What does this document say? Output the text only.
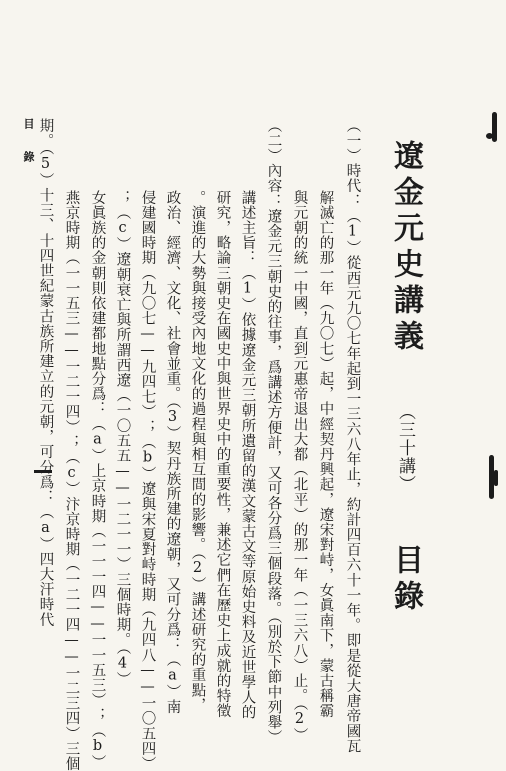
遼金元史講義 （三十講） 目錄
（一）時代：（1）從西元九〇七年起到一三六八年止，約計四百六十一年。即是從大唐帝國瓦
解滅亡的那一年（九〇七）起，中經契丹興起，遼宋對峙，女眞南下，蒙古稱霸
與元朝的統一中國，直到元惠帝退出大都（北平）的那一年（一三六八）止。（2）
（二）內容：遼金元三朝史的往事，爲講述方便計，又可各分爲三個段落。（別於下節中列舉）
講述主旨：（1）依據遼金元三朝所遺留的漢文蒙古文等原始史料及近世學人的
研究，略論三朝史在國史中與世界史中的重要性，兼述它們在歷史上成就的特徵
。演進的大勢與接受內地文化的過程與相互間的影響。（2）講述研究的重點，
政治、經濟、文化、社會並重。（3）契丹族所建的遼朝，又可分爲：（a）南
侵建國時期（九〇七——九四七）；（b）遼與宋夏對峙時期（九四八——一〇五四）
；（c）遼朝衰亡與所謂西遼（一〇五五——一二一一）三個時期。（4）
女眞族的金朝則依建都地點分爲：（a）上京時期（一一一四——一一五三）；（b）
燕京時期（一一五三——一二一四）；（c）汴京時期（一二一四——一二三四）三個
期。（5）十三、十四世紀蒙古族所建立的元朝，可分爲：（a）四大汗時代
目錄
